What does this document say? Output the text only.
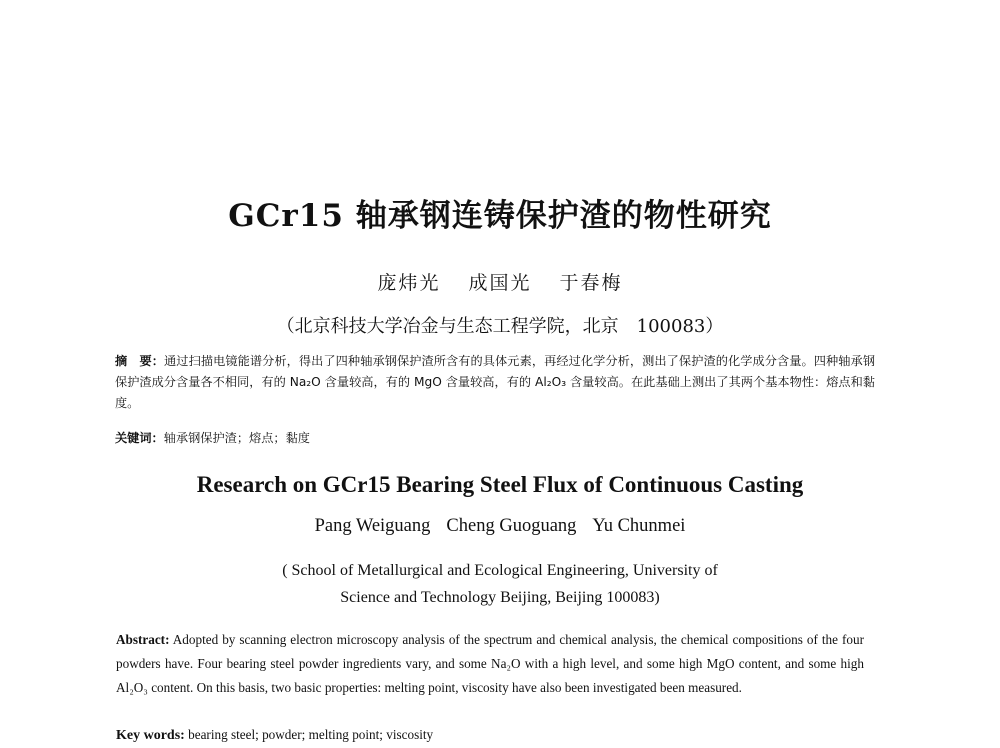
GCr15 轴承钢连铸保护渣的物性研究
庞炜光 成国光 于春梅
（北京科技大学冶金与生态工程学院，北京　100083）
摘　要：通过扫描电镜能谱分析，得出了四种轴承钢保护渣所含有的具体元素，再经过化学分析，测出了保护渣的化学成分含量。四种轴承钢保护渣成分含量各不相同，有的 Na₂O 含量较高，有的 MgO 含量较高，有的 Al₂O₃ 含量较高。在此基础上测出了其两个基本物性：熔点和黏度。
关键词：轴承钢保护渣；熔点；黏度
Research on GCr15 Bearing Steel Flux of Continuous Casting
Pang Weiguang Cheng Guoguang Yu Chunmei
( School of Metallurgical and Ecological Engineering, University of
Science and Technology Beijing, Beijing 100083)
Abstract: Adopted by scanning electron microscopy analysis of the spectrum and chemical analysis, the chemical compositions of the four powders have. Four bearing steel powder ingredients vary, and some Na₂O with a high level, and some high MgO content, and some high Al₂O₃ content. On this basis, two basic properties: melting point, viscosity have also been investigated been measured.
Key words: bearing steel; powder; melting point; viscosity
